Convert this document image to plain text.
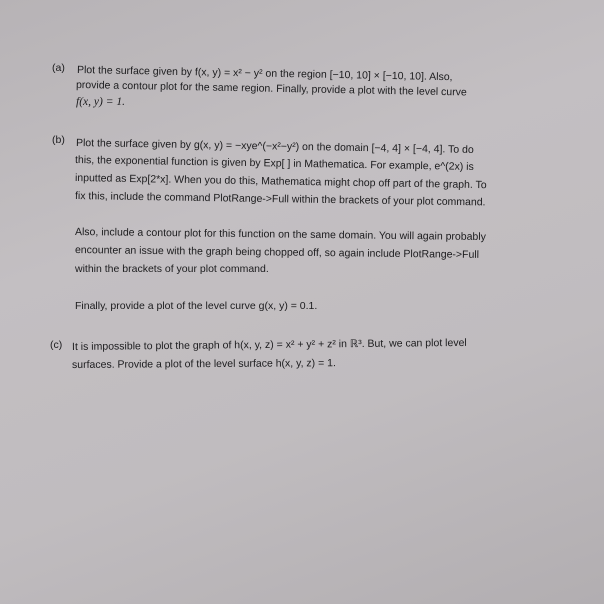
(a) Plot the surface given by f(x, y) = x² − y² on the region [−10, 10] × [−10, 10]. Also,
provide a contour plot for the same region. Finally, provide a plot with the level curve
f(x, y) = 1.
(b) Plot the surface given by g(x, y) = −xye^(−x²−y²) on the domain [−4, 4] × [−4, 4]. To do
this, the exponential function is given by Exp[ ] in Mathematica. For example, e^(2x) is
inputted as Exp[2*x]. When you do this, Mathematica might chop off part of the graph. To
fix this, include the command PlotRange->Full within the brackets of your plot command.
Also, include a contour plot for this function on the same domain. You will again probably
encounter an issue with the graph being chopped off, so again include PlotRange->Full
within the brackets of your plot command.
Finally, provide a plot of the level curve g(x, y) = 0.1.
(c) It is impossible to plot the graph of h(x, y, z) = x² + y² + z² in ℝ³. But, we can plot level
surfaces. Provide a plot of the level surface h(x, y, z) = 1.
